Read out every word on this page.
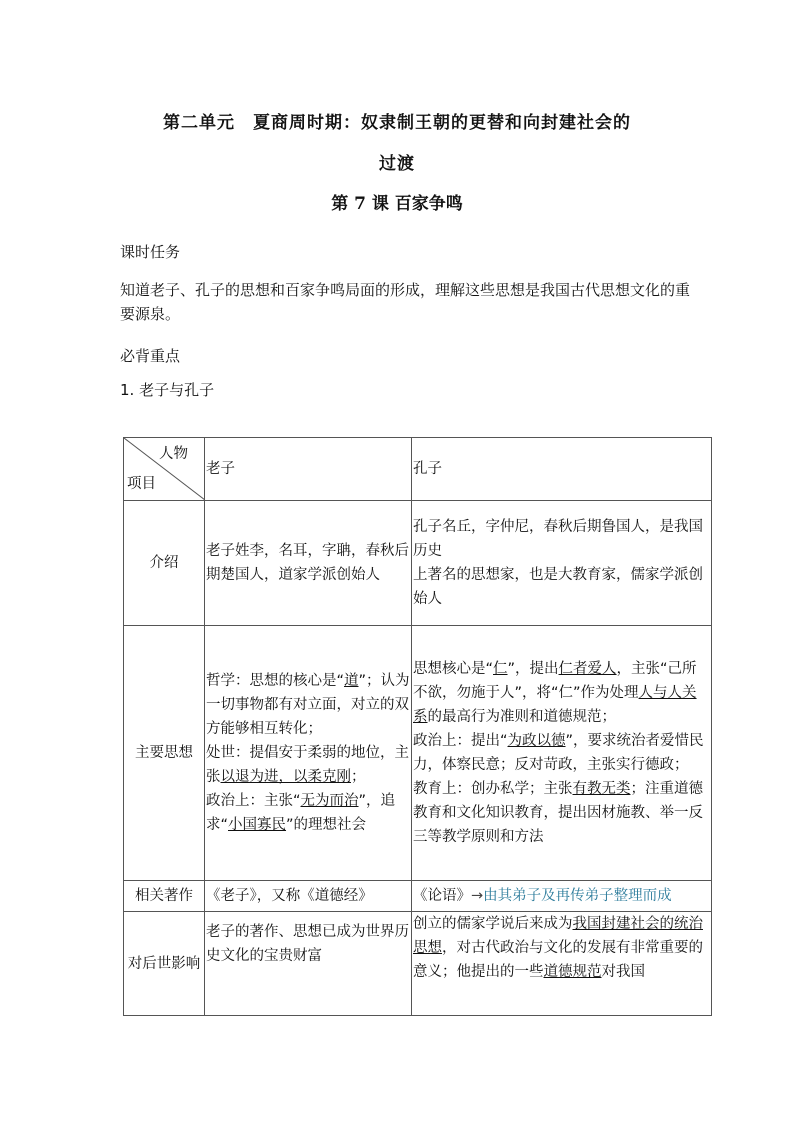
第二单元　夏商周时期：奴隶制王朝的更替和向封建社会的
过渡
第 7 课 百家争鸣
课时任务
知道老子、孔子的思想和百家争鸣局面的形成，理解这些思想是我国古代思想文化的重要源泉。
必背重点
1. 老子与孔子
人物
项目	老子	孔子
介绍	老子姓李，名耳，字聃，春秋后期楚国人，道家学派创始人	孔子名丘，字仲尼，春秋后期鲁国人，是我国历史
上著名的思想家，也是大教育家，儒家学派创始人

主要思想	哲学：思想的核心是“道”；认为一切事物都有对立面，对立的双方能够相互转化；
处世：提倡安于柔弱的地位，主张以退为进，以柔克刚；
政治上：主张“无为而治”，追求“小国寡民”的理想社会	思想核心是“仁”，提出仁者爱人，主张“己所不欲，勿施于人”，将“仁”作为处理人与人关系的最高行为准则和道德规范；
政治上：提出“为政以德”，要求统治者爱惜民力，体察民意；反对苛政，主张实行德政；
教育上：创办私学；主张有教无类；注重道德教育和文化知识教育，提出因材施教、举一反三等教学原则和方法

相关著作	《老子》，又称《道德经》	《论语》→由其弟子及再传弟子整理而成
对后世影响	老子的著作、思想已成为世界历史文化的宝贵财富	创立的儒家学说后来成为我国封建社会的统治思想，对古代政治与文化的发展有非常重要的意义；他提出的一些道德规范对我国
